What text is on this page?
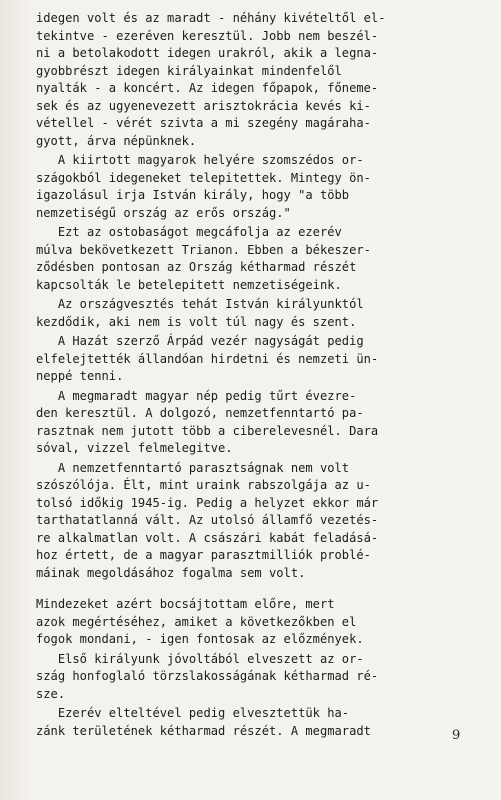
idegen volt és az maradt - néhány kivételtől el-
tekintve - ezeréven keresztül. Jobb nem beszél-
ni a betolakodott idegen urakról, akik a legna-
gyobbrészt idegen királyainkat mindenfelől
nyalták - a koncért. Az idegen főpapok, főneme-
sek és az ugyenevezett arisztokrácia kevés ki-
vétellel - vérét szivta a mi szegény magáraha-
gyott, árva népünknek.
A kiirtott magyarok helyére szomszédos or-
szágokból idegeneket telepitettek. Mintegy ön-
igazolásul irja István király, hogy "a több
nemzetiségű ország az erős ország."
Ezt az ostobaságot megcáfolja az ezerév
múlva bekövetkezett Trianon. Ebben a békeszer-
ződésben pontosan az Ország kétharmad részét
kapcsolták le betelepitett nemzetiségeink.
Az országvesztés tehát István királyunktól
kezdődik, aki nem is volt túl nagy és szent.
A Hazát szerző Árpád vezér nagyságát pedig
elfelejtették állandóan hirdetni és nemzeti ün-
neppé tenni.
A megmaradt magyar nép pedig tűrt évezre-
den keresztül. A dolgozó, nemzetfenntartó pa-
rasztnak nem jutott több a ciberelevesnél. Dara
sóval, vizzel felmelegitve.
A nemzetfenntartó parasztságnak nem volt
szószólója. Élt, mint uraink rabszolgája az u-
tolsó időkig 1945-ig. Pedig a helyzet ekkor már
tarthatatlanná vált. Az utolsó államfő vezetés-
re alkalmatlan volt. A császári kabát feladásá-
hoz értett, de a magyar parasztmilliók problé-
máinak megoldásához fogalma sem volt.
Mindezeket azért bocsájtottam előre, mert
azok megértéséhez, amiket a következőkben el
fogok mondani, - igen fontosak az előzmények.
Első királyunk jóvoltából elveszett az or-
szág honfoglaló törzslakosságának kétharmad ré-
sze.
Ezerév elteltével pedig elvesztettük ha-
zánk területének kétharmad részét. A megmaradt	9
